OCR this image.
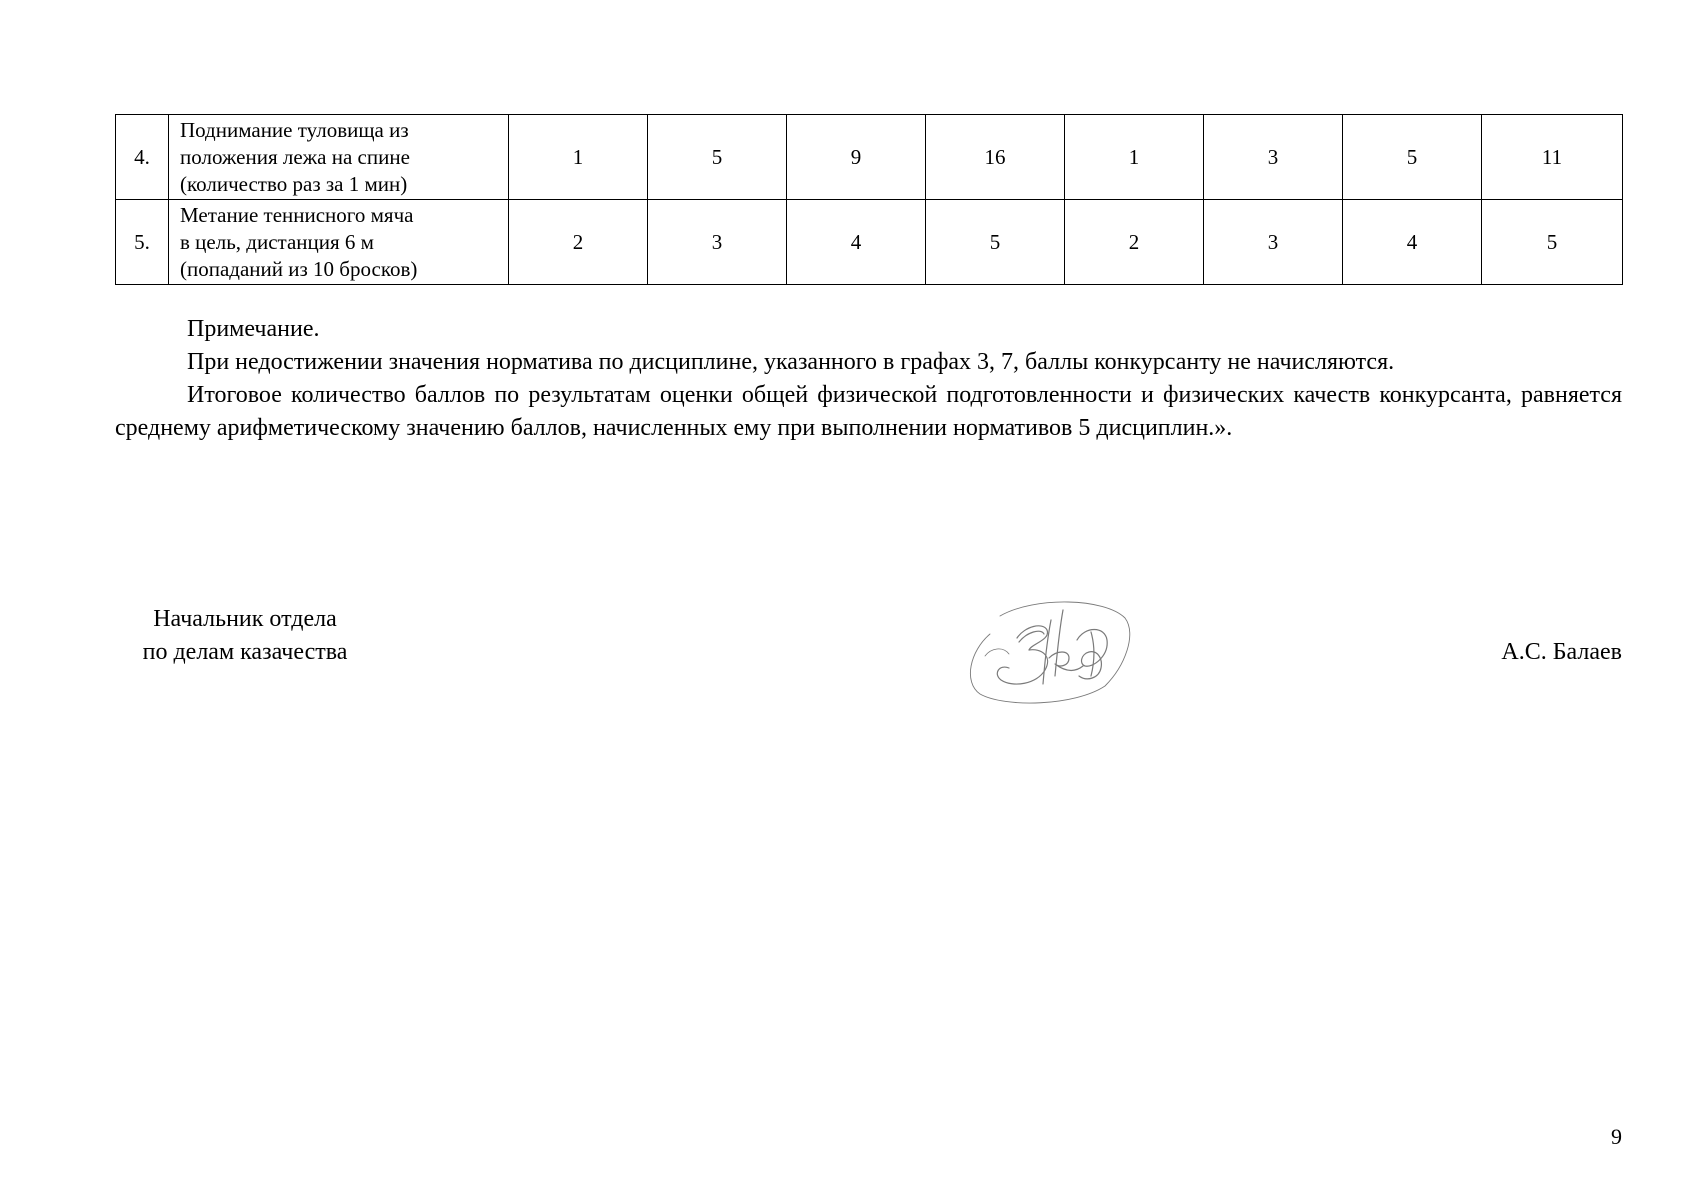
4.	Поднимание туловища из
положения лежа на спине
(количество раз за 1 мин)	1	5	9	16	1	3	5	11
5.	Метание теннисного мяча
в цель, дистанция 6 м
(попаданий из 10 бросков)	2	3	4	5	2	3	4	5
Примечание.
При недостижении значения норматива по дисциплине, указанного в графах 3, 7, баллы конкурсанту не начисляются.
Итоговое количество баллов по результатам оценки общей физической подготовленности и физических качеств конкурсанта, равняется среднему арифметическому значению баллов, начисленных ему при выполнении нормативов 5 дисциплин.».
Начальник отдела
по делам казачества	А.С. Балаев
9
